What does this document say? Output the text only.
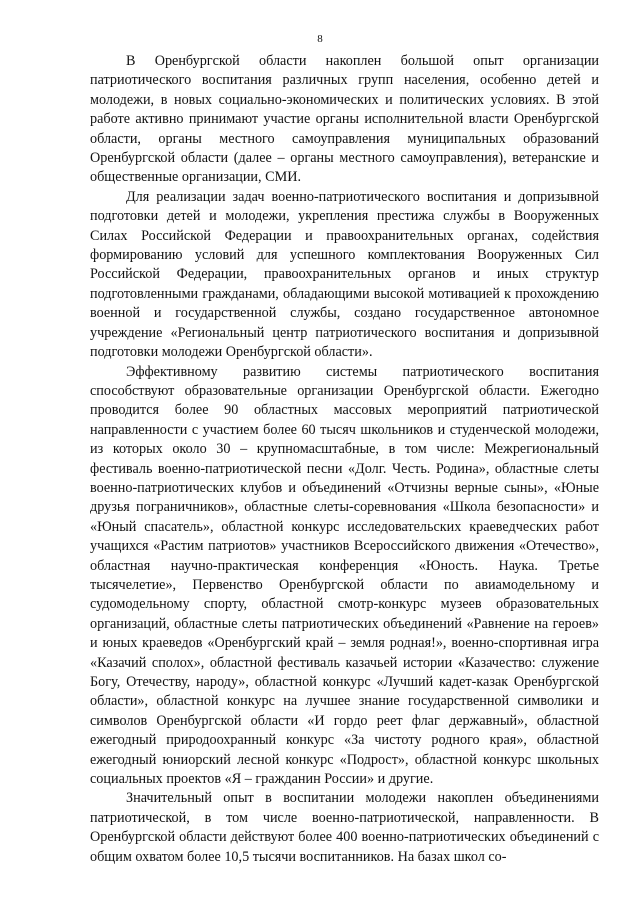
8

В Оренбургской области накоплен большой опыт организации патриотического воспитания различных групп населения, особенно детей и молодежи, в новых социально-экономических и политических условиях. В этой работе активно принимают участие органы исполнительной власти Оренбургской области, органы местного самоуправления муниципальных образований Оренбургской области (далее – органы местного самоуправления), ветеранские и общественные организации, СМИ.

Для реализации задач военно-патриотического воспитания и допризывной подготовки детей и молодежи, укрепления престижа службы в Вооруженных Силах Российской Федерации и правоохранительных органах, содействия формированию условий для успешного комплектования Вооруженных Сил Российской Федерации, правоохранительных органов и иных структур подготовленными гражданами, обладающими высокой мотивацией к прохождению военной и государственной службы, создано государственное автономное учреждение «Региональный центр патриотического воспитания и допризывной подготовки молодежи Оренбургской области».

Эффективному развитию системы патриотического воспитания способствуют образовательные организации Оренбургской области. Ежегодно проводится более 90 областных массовых мероприятий патриотической направленности с участием более 60 тысяч школьников и студенческой молодежи, из которых около 30 – крупномасштабные, в том числе: Межрегиональный фестиваль военно-патриотической песни «Долг. Честь. Родина», областные слеты военно-патриотических клубов и объединений «Отчизны верные сыны», «Юные друзья пограничников», областные слеты-соревнования «Школа безопасности» и «Юный спасатель», областной конкурс исследовательских краеведческих работ учащихся «Растим патриотов» участников Всероссийского движения «Отечество», областная научно-практическая конференция «Юность. Наука. Третье тысячелетие», Первенство Оренбургской области по авиамодельному и судомодельному спорту, областной смотр-конкурс музеев образовательных организаций, областные слеты патриотических объединений «Равнение на героев» и юных краеведов «Оренбургский край – земля родная!», военно-спортивная игра «Казачий сполох», областной фестиваль казачьей истории «Казачество: служение Богу, Отечеству, народу», областной конкурс «Лучший кадет-казак Оренбургской области», областной конкурс на лучшее знание государственной символики и символов Оренбургской области «И гордо реет флаг державный», областной ежегодный природоохранный конкурс «За чистоту родного края», областной ежегодный юниорский лесной конкурс «Подрост», областной конкурс школьных социальных проектов «Я – гражданин России» и другие.

Значительный опыт в воспитании молодежи накоплен объединениями патриотической, в том числе военно-патриотической, направленности. В Оренбургской области действуют более 400 военно-патриотических объединений с общим охватом более 10,5 тысячи воспитанников. На базах школ со-
